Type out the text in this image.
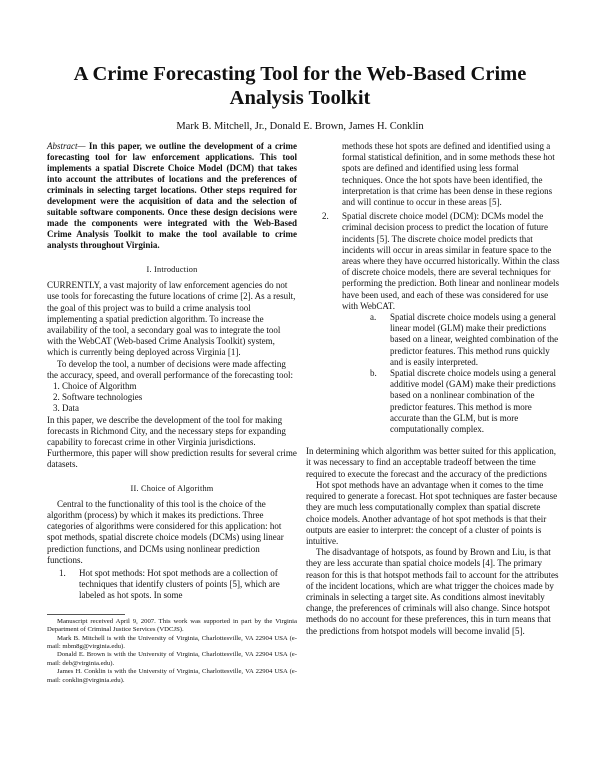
A Crime Forecasting Tool for the Web-Based Crime
Analysis Toolkit
Mark B. Mitchell, Jr., Donald E. Brown, James H. Conklin

Abstract— In this paper, we outline the development of a crime forecasting tool for law enforcement applications. This tool implements a spatial Discrete Choice Model (DCM) that takes into account the attributes of locations and the preferences of criminals in selecting target locations. Other steps required for development were the acquisition of data and the selection of suitable software components. Once these design decisions were made the components were integrated with the Web-Based Crime Analysis Toolkit to make the tool available to crime analysts throughout Virginia.

I. Introduction

CURRENTLY, a vast majority of law enforcement agencies do not use tools for forecasting the future locations of crime [2]. As a result, the goal of this project was to build a crime analysis tool implementing a spatial prediction algorithm. To increase the availability of the tool, a secondary goal was to integrate the tool with the WebCAT (Web-based Crime Analysis Toolkit) system, which is currently being deployed across Virginia [1].

To develop the tool, a number of decisions were made affecting the accuracy, speed, and overall performance of the forecasting tool:

1. Choice of Algorithm
2. Software technologies
3. Data

In this paper, we describe the development of the tool for making forecasts in Richmond City, and the necessary steps for expanding capability to forecast crime in other Virginia jurisdictions. Furthermore, this paper will show prediction results for several crime datasets.

II. Choice of Algorithm

Central to the functionality of this tool is the choice of the algorithm (process) by which it makes its predictions. Three categories of algorithms were considered for this application: hot spot methods, spatial discrete choice models (DCMs) using linear prediction functions, and DCMs using nonlinear prediction functions.

1.	Hot spot methods: Hot spot methods are a collection of techniques that identify clusters of points [5], which are labeled as hot spots. In some

Manuscript received April 9, 2007. This work was supported in part by the Virginia Department of Criminal Justice Services (VDCJS).

Mark B. Mitchell is with the University of Virginia, Charlottesville, VA 22904 USA (e-mail: mbm8g@virginia.edu).

Donald E. Brown is with the University of Virginia, Charlottesville, VA 22904 USA (e-mail: deb@virginia.edu).

James H. Conklin is with the University of Virginia, Charlottesville, VA 22904 USA (e-mail: conklin@virginia.edu).

methods these hot spots are defined and identified using a formal statistical definition, and in some methods these hot spots are defined and identified using less formal techniques. Once the hot spots have been identified, the interpretation is that crime has been dense in these regions and will continue to occur in these areas [5].

2.	Spatial discrete choice model (DCM): DCMs model the criminal decision process to predict the location of future incidents [5]. The discrete choice model predicts that incidents will occur in areas similar in feature space to the areas where they have occurred historically. Within the class of discrete choice models, there are several techniques for performing the prediction. Both linear and nonlinear models have been used, and each of these was considered for use with WebCAT.
a.	Spatial discrete choice models using a general linear model (GLM) make their predictions based on a linear, weighted combination of the predictor features. This method runs quickly and is easily interpreted.
b.	Spatial discrete choice models using a general additive model (GAM) make their predictions based on a nonlinear combination of the predictor features. This method is more accurate than the GLM, but is more computationally complex.

In determining which algorithm was better suited for this application, it was necessary to find an acceptable tradeoff between the time required to execute the forecast and the accuracy of the predictions

Hot spot methods have an advantage when it comes to the time required to generate a forecast. Hot spot techniques are faster because they are much less computationally complex than spatial discrete choice models. Another advantage of hot spot methods is that their outputs are easier to interpret: the concept of a cluster of points is intuitive.

The disadvantage of hotspots, as found by Brown and Liu, is that they are less accurate than spatial choice models [4]. The primary reason for this is that hotspot methods fail to account for the attributes of the incident locations, which are what trigger the choices made by criminals in selecting a target site. As conditions almost inevitably change, the preferences of criminals will also change. Since hotspot methods do no account for these preferences, this in turn means that the predictions from hotspot models will become invalid [5].
